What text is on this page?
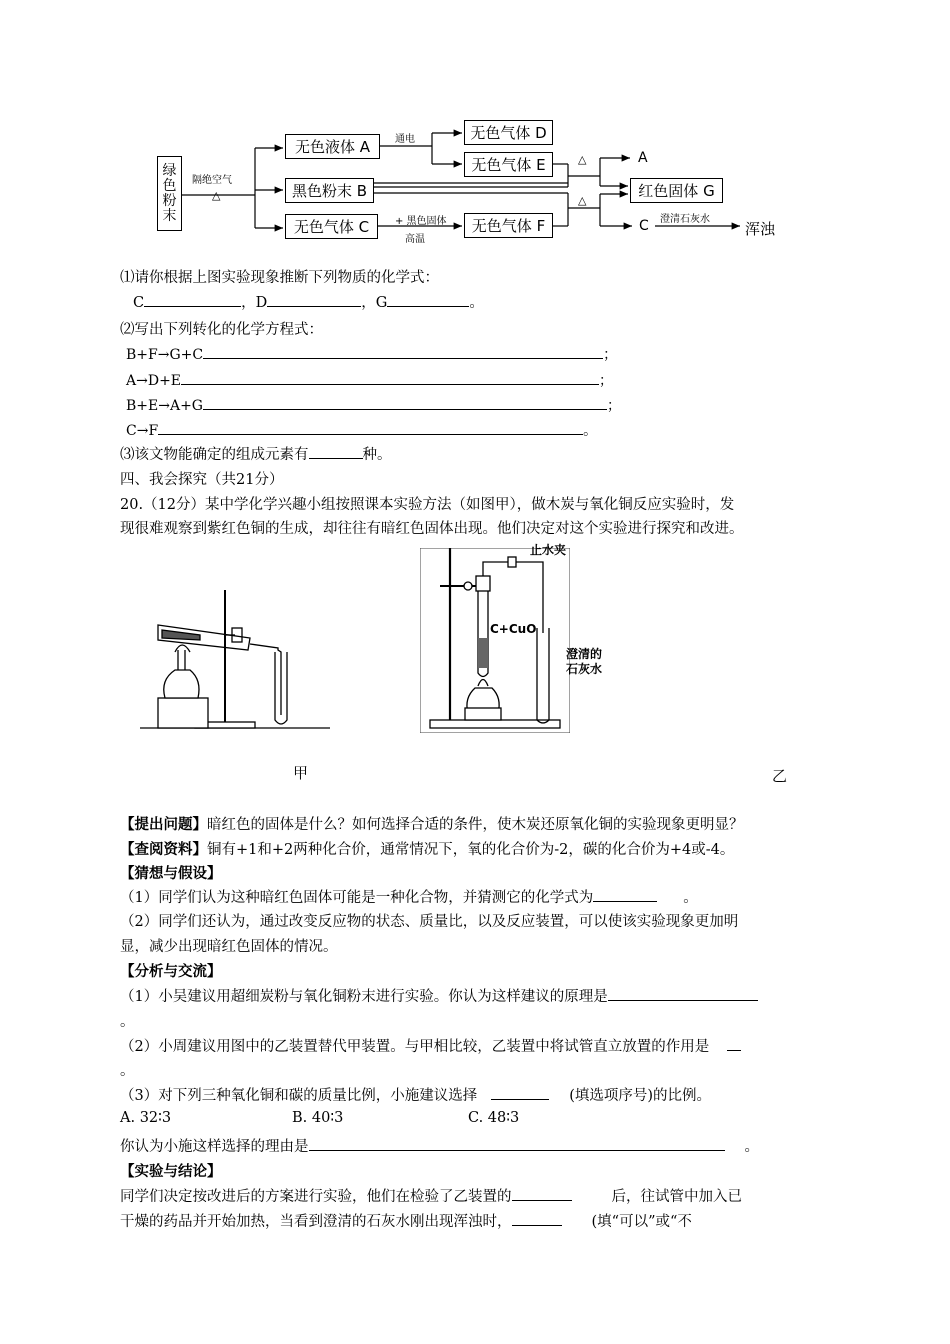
绿色粉末
隔绝空气
△
无色液体 A
黑色粉末 B
无色气体 C
无色气体 D
无色气体 E
无色气体 F
红色固体 G
通电
+ 黑色固体
高温
△
△
A
C 澄清石灰水
浑浊
⑴请你根据上图实验现象推断下列物质的化学式：
C	，D	，G	。
⑵写出下列转化的化学方程式：
B+F→G+C	；
A→D+E	；
B+E→A+G	；
C→F	。
⑶该文物能确定的组成元素有	种。
四、我会探究（共21分）
20.（12分）某中学化学兴趣小组按照课本实验方法（如图甲），做木炭与氧化铜反应实验时，发
现很难观察到紫红色铜的生成，却往往有暗红色固体出现。他们决定对这个实验进行探究和改进。
止水夹
C+CuO
澄清的
石灰水
甲	乙
【提出问题】暗红色的固体是什么？如何选择合适的条件，使木炭还原氧化铜的实验现象更明显？
【查阅资料】铜有+1和+2两种化合价，通常情况下，氧的化合价为-2，碳的化合价为+4或-4。
【猜想与假设】
（1）同学们认为这种暗红色固体可能是一种化合物，并猜测它的化学式为	。
（2）同学们还认为，通过改变反应物的状态、质量比，以及反应装置，可以使该实验现象更加明
显，减少出现暗红色固体的情况。
【分析与交流】
（1）小吴建议用超细炭粉与氧化铜粉末进行实验。你认为这样建议的原理是
。
（2）小周建议用图中的乙装置替代甲装置。与甲相比较，乙装置中将试管直立放置的作用是
。
（3）对下列三种氧化铜和碳的质量比例，小施建议选择	(填选项序号)的比例。
A. 32∶3	B. 40∶3	C. 48∶3
你认为小施这样选择的理由是	。
【实验与结论】
同学们决定按改进后的方案进行实验，他们在检验了乙装置的	后，往试管中加入已
干燥的药品并开始加热，当看到澄清的石灰水刚出现浑浊时，	(填“可以”或“不
